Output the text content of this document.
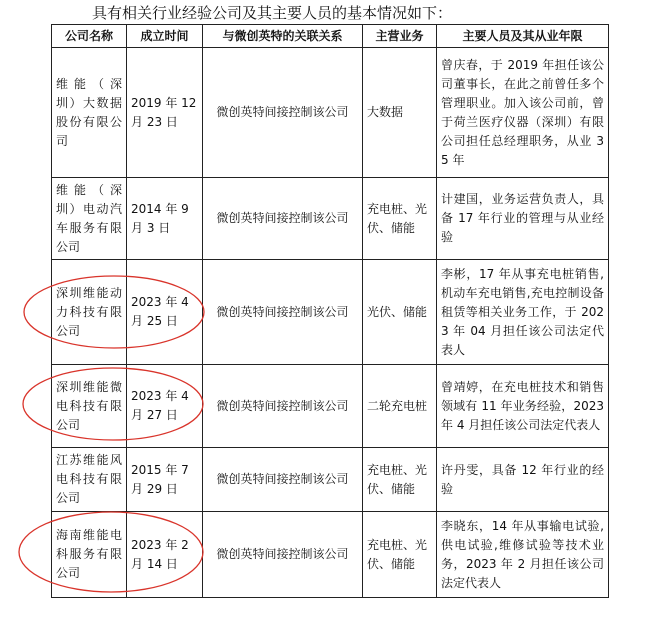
具有相关行业经验公司及其主要人员的基本情况如下：
公司名称	成立时间	与微创英特的关联关系	主营业务	主要人员及其从业年限
维能（深圳）大数据股份有限公司	2019 年 12 月 23 日	微创英特间接控制该公司	大数据	曾庆春，于 2019 年担任该公司董事长，在此之前曾任多个管理职业。加入该公司前，曾于荷兰医疗仪器（深圳）有限公司担任总经理职务，从业 35 年
维能（深圳）电动汽车服务有限公司	2014 年 9 月 3 日	微创英特间接控制该公司	充电桩、光伏、储能	计建国，业务运营负责人，具备 17 年行业的管理与从业经验
深圳维能动力科技有限公司	2023 年 4 月 25 日	微创英特间接控制该公司	光伏、储能	李彬，17 年从事充电桩销售,机动车充电销售,充电控制设备租赁等相关业务工作，于 2023 年 04 月担任该公司法定代表人
深圳维能微电科技有限公司	2023 年 4 月 27 日	微创英特间接控制该公司	二轮充电桩	曾靖婷，在充电桩技术和销售领域有 11 年业务经验，2023 年 4 月担任该公司法定代表人
江苏维能风电科技有限公司	2015 年 7 月 29 日	微创英特间接控制该公司	充电桩、光伏、储能	许丹雯，具备 12 年行业的经验
海南维能电科服务有限公司	2023 年 2 月 14 日	微创英特间接控制该公司	充电桩、光伏、储能	李晓东，14 年从事输电试验,供电试验,维修试验等技术业务，2023 年 2 月担任该公司法定代表人
